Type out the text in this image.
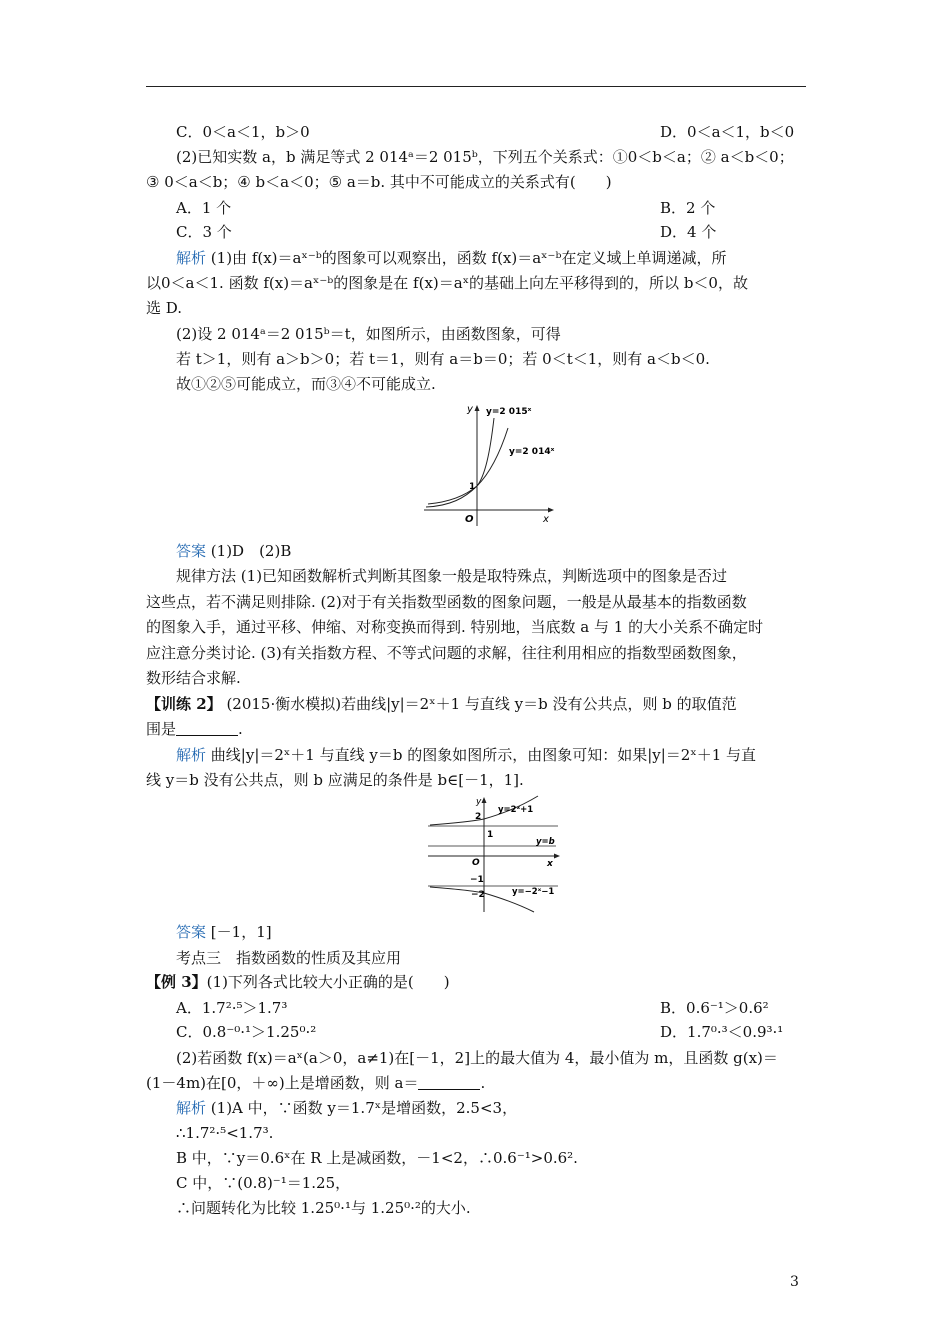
C．0＜a＜1，b＞0	D．0＜a＜1，b＜0
(2)已知实数 a，b 满足等式 2 014ᵃ＝2 015ᵇ，下列五个关系式：①0＜b＜a；② a＜b＜0；
③ 0＜a＜b；④ b＜a＜0；⑤ a＝b. 其中不可能成立的关系式有(　　)
A．1 个	B．2 个
C．3 个	D．4 个
解析 (1)由 f(x)＝aˣ⁻ᵇ的图象可以观察出，函数 f(x)＝aˣ⁻ᵇ在定义域上单调递减，所
以0＜a＜1. 函数 f(x)＝aˣ⁻ᵇ的图象是在 f(x)＝aˣ的基础上向左平移得到的，所以 b＜0，故
选 D.
(2)设 2 014ᵃ＝2 015ᵇ＝t，如图所示，由函数图象，可得
若 t＞1，则有 a＞b＞0；若 t＝1，则有 a＝b＝0；若 0＜t＜1，则有 a＜b＜0.
故①②⑤可能成立，而③④不可能成立.
y
x
O
1
y=2 015ˣ
y=2 014ˣ
答案 (1)D　(2)B
规律方法 (1)已知函数解析式判断其图象一般是取特殊点，判断选项中的图象是否过
这些点，若不满足则排除. (2)对于有关指数型函数的图象问题，一般是从最基本的指数函数
的图象入手，通过平移、伸缩、对称变换而得到. 特别地，当底数 a 与 1 的大小关系不确定时
应注意分类讨论. (3)有关指数方程、不等式问题的求解，往往利用相应的指数型函数图象，
数形结合求解.
【训练 2】 (2015·衡水模拟)若曲线|y|＝2ˣ＋1 与直线 y＝b 没有公共点，则 b 的取值范
围是	.
解析 曲线|y|＝2ˣ＋1 与直线 y＝b 的图象如图所示，由图象可知：如果|y|＝2ˣ＋1 与直
线 y＝b 没有公共点，则 b 应满足的条件是 b∈[－1，1].
y
x
O
2
1
−1
−2
y=2ˣ+1
y=−2ˣ−1
y=b
答案 [－1，1]
考点三　指数函数的性质及其应用
【例 3】(1)下列各式比较大小正确的是(　　)
A．1.7²·⁵＞1.7³	B．0.6⁻¹＞0.6²
C．0.8⁻⁰·¹＞1.25⁰·²	D．1.7⁰·³＜0.9³·¹
(2)若函数 f(x)＝aˣ(a＞0，a≠1)在[－1，2]上的最大值为 4，最小值为 m，且函数 g(x)＝
(1－4m)在[0，＋∞)上是增函数，则 a＝	.
解析 (1)A 中，∵函数 y＝1.7ˣ是增函数，2.5<3，
∴1.7²·⁵<1.7³.
B 中，∵y＝0.6ˣ在 R 上是减函数，－1<2，∴0.6⁻¹>0.6².
C 中，∵(0.8)⁻¹＝1.25，
∴问题转化为比较 1.25⁰·¹与 1.25⁰·²的大小.
3
